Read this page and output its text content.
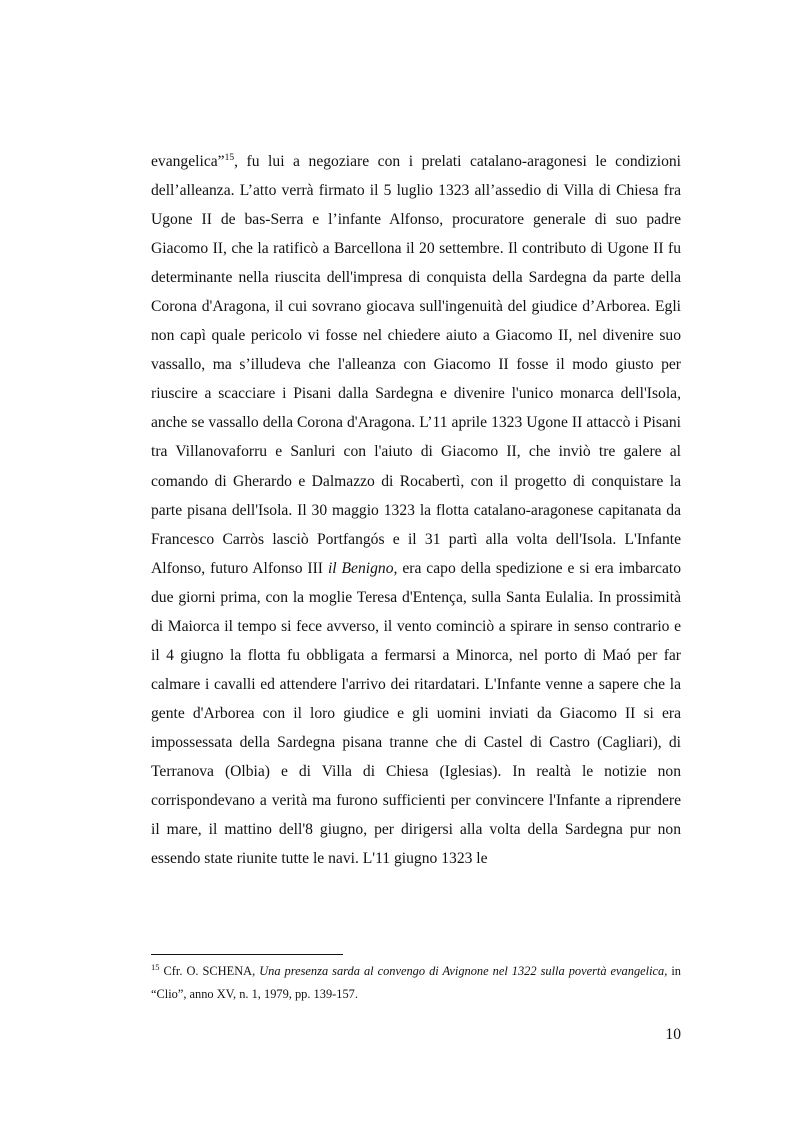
evangelica”$^{15}$, fu lui a negoziare con i prelati catalano-aragonesi le condizioni dell’alleanza. L’atto verrà firmato il 5 luglio 1323 all’assedio di Villa di Chiesa fra Ugone II de bas-Serra e l’infante Alfonso, procuratore generale di suo padre Giacomo II, che la ratificò a Barcellona il 20 settembre. Il contributo di Ugone II fu determinante nella riuscita dell'impresa di conquista della Sardegna da parte della Corona d'Aragona, il cui sovrano giocava sull'ingenuità del giudice d’Arborea. Egli non capì quale pericolo vi fosse nel chiedere aiuto a Giacomo II, nel divenire suo vassallo, ma s’illudeva che l'alleanza con Giacomo II fosse il modo giusto per riuscire a scacciare i Pisani dalla Sardegna e divenire l'unico monarca dell'Isola, anche se vassallo della Corona d'Aragona. L’11 aprile 1323 Ugone II attaccò i Pisani tra Villanovaforru e Sanluri con l'aiuto di Giacomo II, che inviò tre galere al comando di Gherardo e Dalmazzo di Rocabertì, con il progetto di conquistare la parte pisana dell'Isola. Il 30 maggio 1323 la flotta catalano-aragonese capitanata da Francesco Carròs lasciò Portfangós e il 31 partì alla volta dell'Isola. L'Infante Alfonso, futuro Alfonso III il Benigno, era capo della spedizione e si era imbarcato due giorni prima, con la moglie Teresa d'Entença, sulla Santa Eulalia. In prossimità di Maiorca il tempo si fece avverso, il vento cominciò a spirare in senso contrario e il 4 giugno la flotta fu obbligata a fermarsi a Minorca, nel porto di Maó per far calmare i cavalli ed attendere l'arrivo dei ritardatari. L'Infante venne a sapere che la gente d'Arborea con il loro giudice e gli uomini inviati da Giacomo II si era impossessata della Sardegna pisana tranne che di Castel di Castro (Cagliari), di Terranova (Olbia) e di Villa di Chiesa (Iglesias). In realtà le notizie non corrispondevano a verità ma furono sufficienti per convincere l'Infante a riprendere il mare, il mattino dell'8 giugno, per dirigersi alla volta della Sardegna pur non essendo state riunite tutte le navi. L'11 giugno 1323 le
$^{15}$ Cfr. O. SCHENA, Una presenza sarda al convengo di Avignone nel 1322 sulla povertà evangelica, in “Clio”, anno XV, n. 1, 1979, pp. 139-157.
10
